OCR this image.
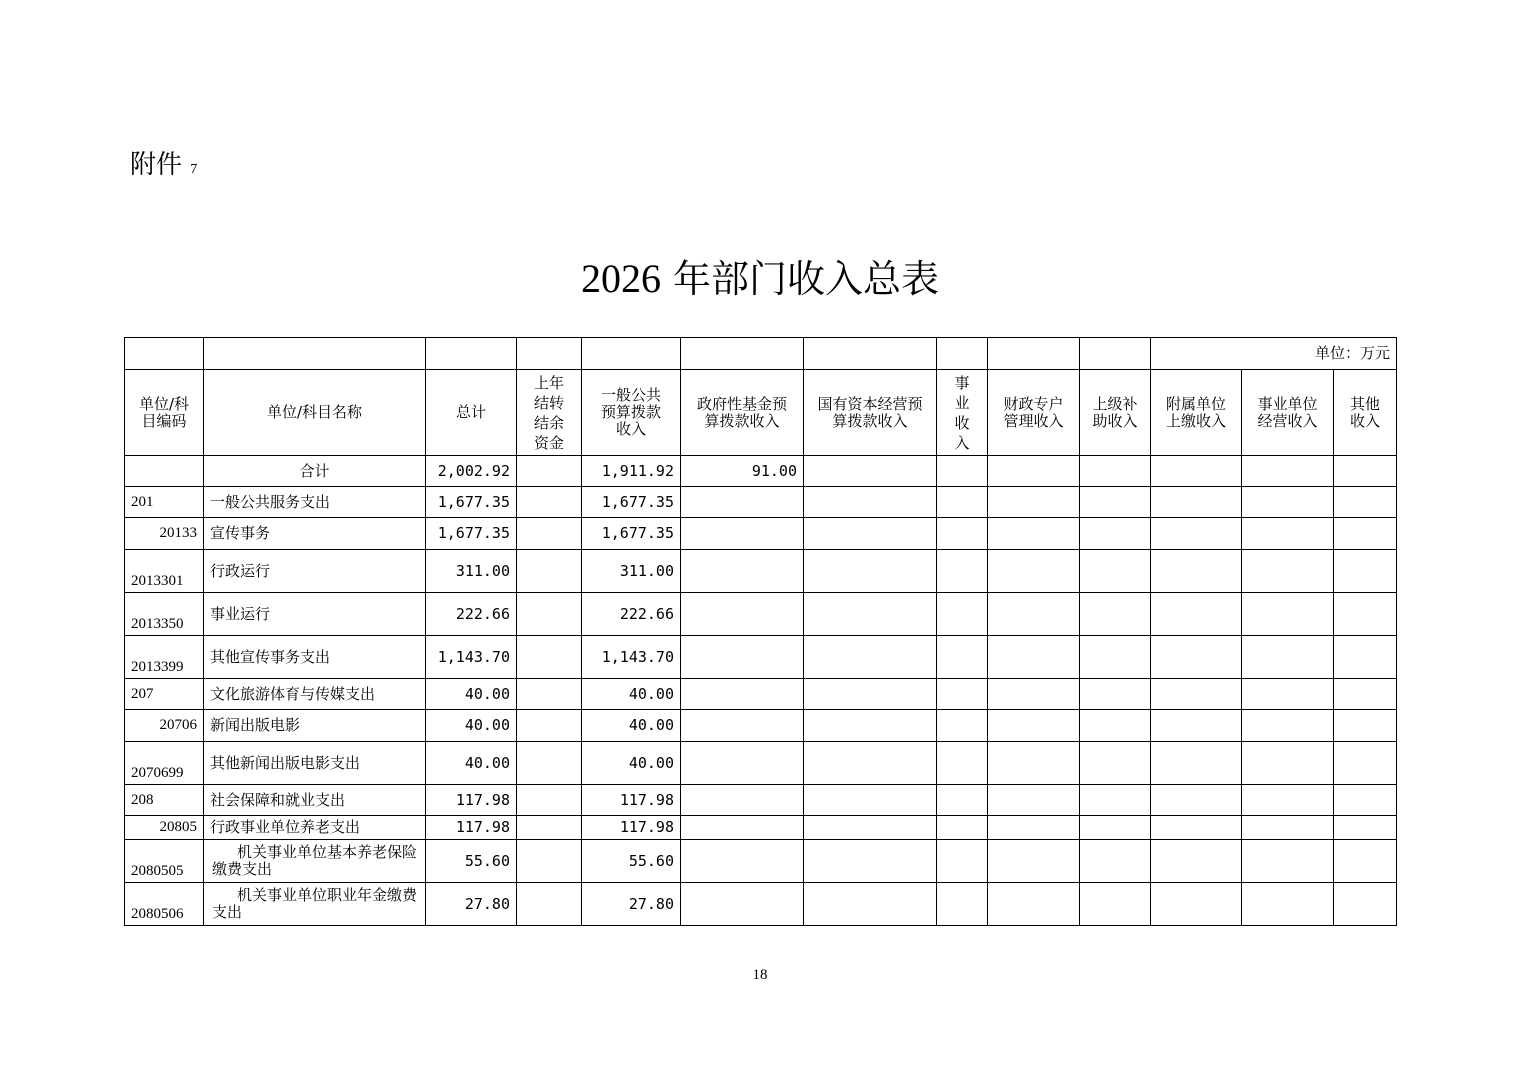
附件 7
2026 年部门收入总表
										单位：万元		

单位/科目编码	单位/科目名称	总计	上年结转结余资金	一般公共预算拨款收入	政府性基金预算拨款收入	国有资本经营预算拨款收入	事业收入	财政专户管理收入	上级补助收入	附属单位上缴收入	事业单位经营收入	其他收入

	合计	2,002.92		1,911.92	91.00							
201	一般公共服务支出	1,677.35		1,677.35								
20133	宣传事务	1,677.35		1,677.35								
2013301	行政运行	311.00		311.00								
2013350	事业运行	222.66		222.66								
2013399	其他宣传事务支出	1,143.70		1,143.70								
207	文化旅游体育与传媒支出	40.00		40.00								
20706	新闻出版电影	40.00		40.00								
2070699	其他新闻出版电影支出	40.00		40.00								
208	社会保障和就业支出	117.98		117.98								
20805	行政事业单位养老支出	117.98		117.98								
2080505	机关事业单位基本养老保险缴费支出	55.60		55.60								
2080506	机关事业单位职业年金缴费支出	27.80		27.80								
18
